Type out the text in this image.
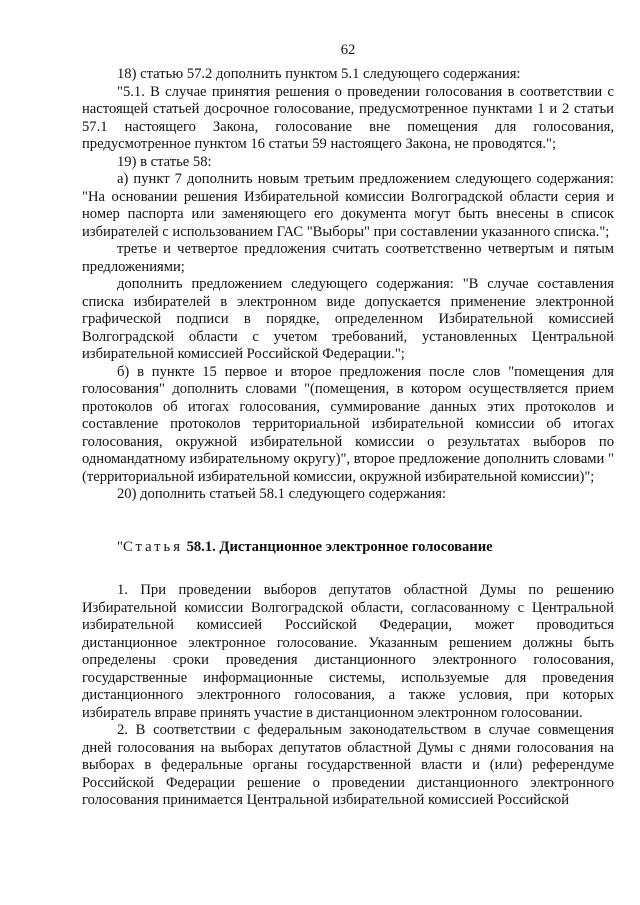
62

18) статью 57.2 дополнить пунктом 5.1 следующего содержания:

"5.1. В случае принятия решения о проведении голосования в соответствии с настоящей статьей досрочное голосование, предусмотренное пунктами 1 и 2 статьи 57.1 настоящего Закона, голосование вне помещения для голосования, предусмотренное пунктом 16 статьи 59 настоящего Закона, не проводятся.";

19) в статье 58:

а) пункт 7 дополнить новым третьим предложением следующего содержания: "На основании решения Избирательной комиссии Волгоградской области серия и номер паспорта или заменяющего его документа могут быть внесены в список избирателей с использованием ГАС "Выборы" при составлении указанного списка.";

третье и четвертое предложения считать соответственно четвертым и пятым предложениями;

дополнить предложением следующего содержания: "В случае составления списка избирателей в электронном виде допускается применение электронной графической подписи в порядке, определенном Избирательной комиссией Волгоградской области с учетом требований, установленных Центральной избирательной комиссией Российской Федерации.";

б) в пункте 15 первое и второе предложения после слов "помещения для голосования" дополнить словами "(помещения, в котором осуществляется прием протоколов об итогах голосования, суммирование данных этих протоколов и составление протоколов территориальной избирательной комиссии об итогах голосования, окружной избирательной комиссии о результатах выборов по одномандатному избирательному округу)", второе предложение дополнить словами "(территориальной избирательной комиссии, окружной избирательной комиссии)";

20) дополнить статьей 58.1 следующего содержания:

"Статья 58.1. Дистанционное электронное голосование

1. При проведении выборов депутатов областной Думы по решению Избирательной комиссии Волгоградской области, согласованному с Центральной избирательной комиссией Российской Федерации, может проводиться дистанционное электронное голосование. Указанным решением должны быть определены сроки проведения дистанционного электронного голосования, государственные информационные системы, используемые для проведения дистанционного электронного голосования, а также условия, при которых избиратель вправе принять участие в дистанционном электронном голосовании.

2. В соответствии с федеральным законодательством в случае совмещения дней голосования на выборах депутатов областной Думы с днями голосования на выборах в федеральные органы государственной власти и (или) референдуме Российской Федерации решение о проведении дистанционного электронного голосования принимается Центральной избирательной комиссией Российской
